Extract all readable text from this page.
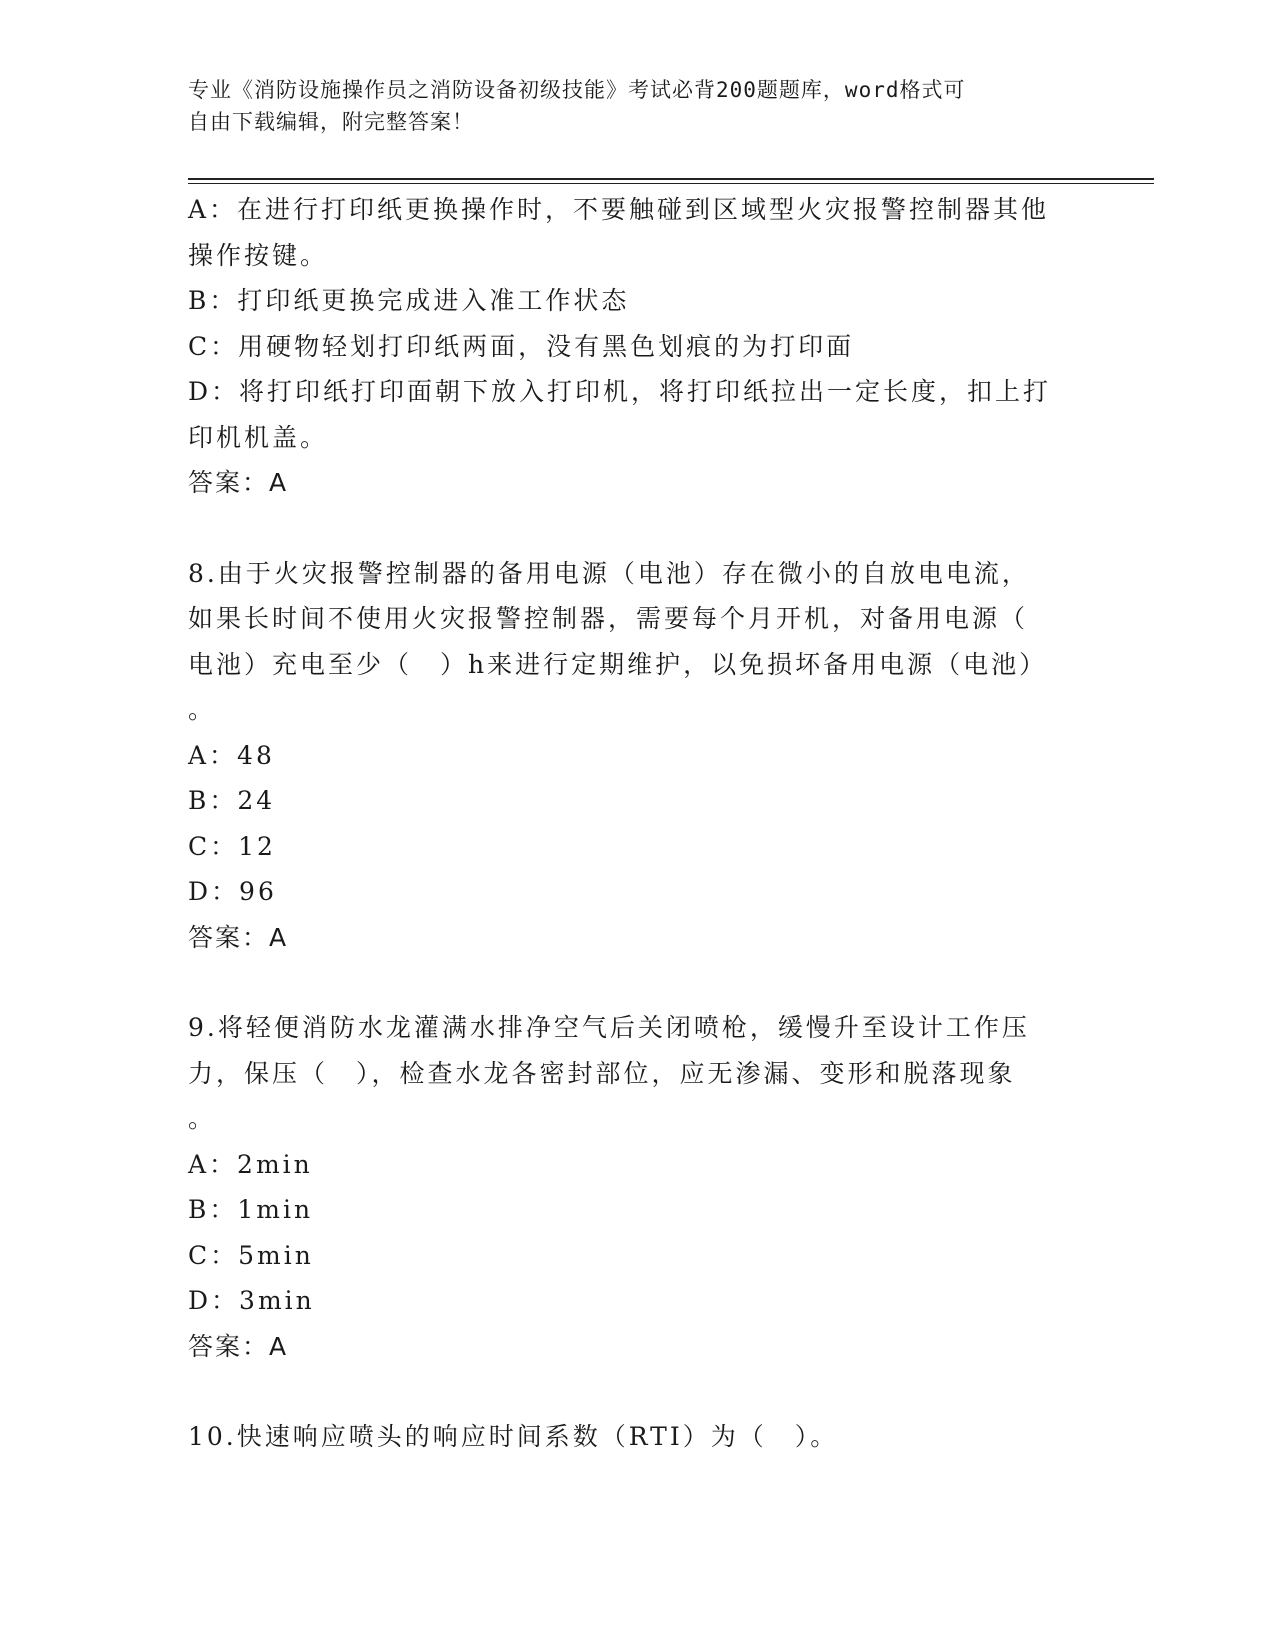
专业《消防设施操作员之消防设备初级技能》考试必背200题题库，word格式可
自由下载编辑，附完整答案！
A：在进行打印纸更换操作时，不要触碰到区域型火灾报警控制器其他
操作按键。
B：打印纸更换完成进入准工作状态
C：用硬物轻划打印纸两面，没有黑色划痕的为打印面
D：将打印纸打印面朝下放入打印机，将打印纸拉出一定长度，扣上打
印机机盖。
答案：A
8.由于火灾报警控制器的备用电源（电池）存在微小的自放电电流，
如果长时间不使用火灾报警控制器，需要每个月开机，对备用电源（
电池）充电至少（　）h来进行定期维护，以免损坏备用电源（电池）
。
A：48
B：24
C：12
D：96
答案：A
9.将轻便消防水龙灌满水排净空气后关闭喷枪，缓慢升至设计工作压
力，保压（　），检查水龙各密封部位，应无渗漏、变形和脱落现象
。
A：2min
B：1min
C：5min
D：3min
答案：A
10.快速响应喷头的响应时间系数（RTI）为（　）。
